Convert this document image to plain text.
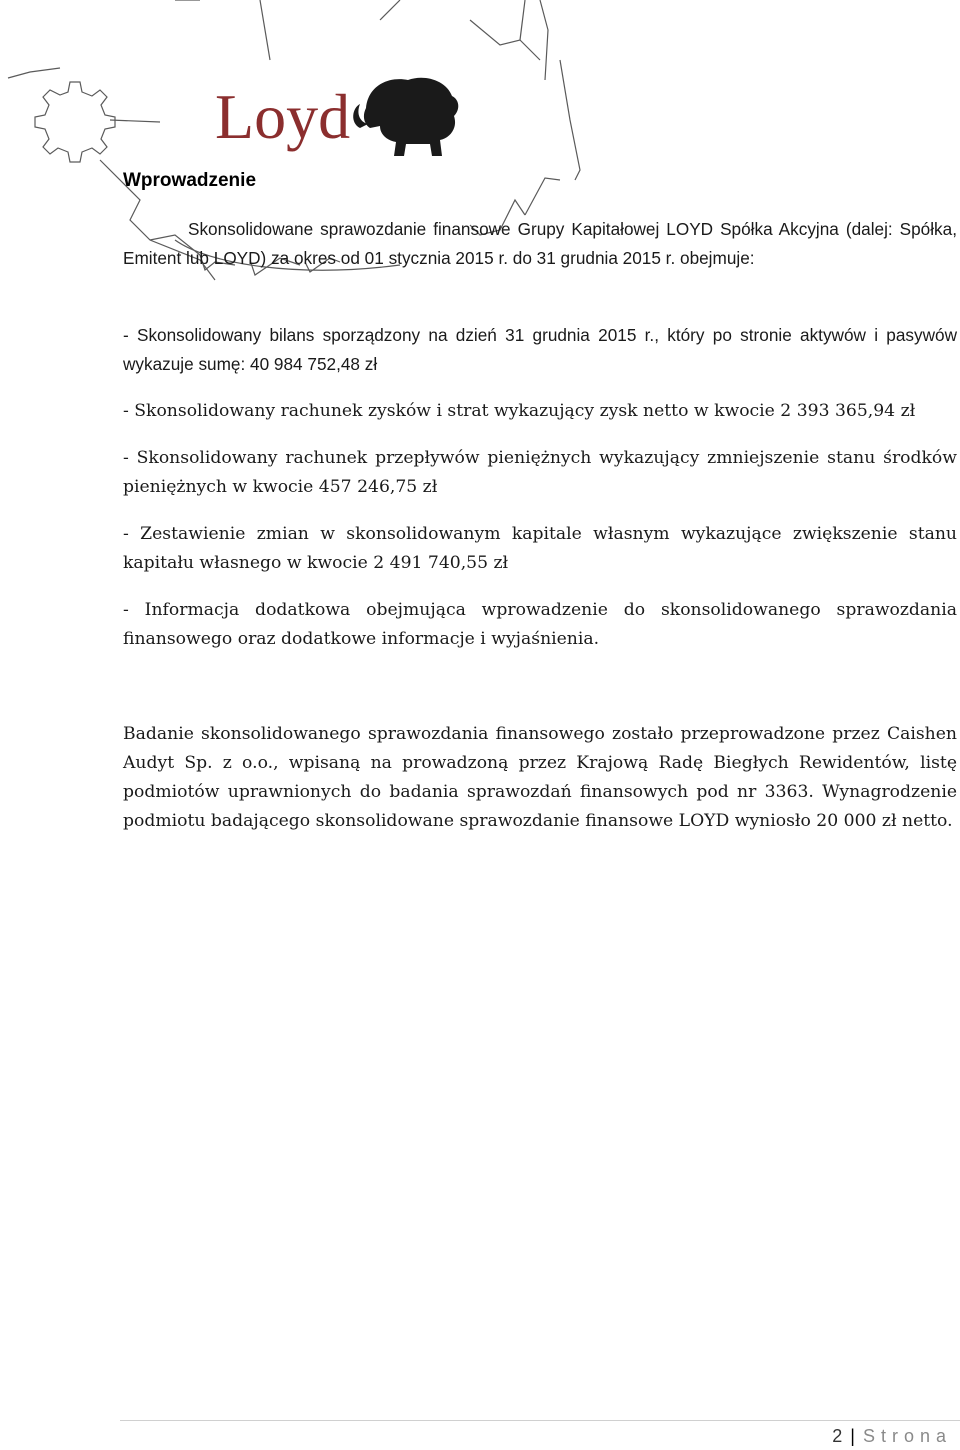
Loyd
Wprowadzenie
Skonsolidowane sprawozdanie finansowe Grupy Kapitałowej LOYD Spółka Akcyjna (dalej: Spółka, Emitent lub LOYD) za okres od 01 stycznia 2015 r. do 31 grudnia 2015 r. obejmuje:
- Skonsolidowany bilans sporządzony na dzień 31 grudnia 2015 r., który po stronie aktywów i pasywów wykazuje sumę: 40 984 752,48 zł
- Skonsolidowany rachunek zysków i strat wykazujący zysk netto w kwocie 2 393 365,94 zł
- Skonsolidowany rachunek przepływów pieniężnych wykazujący zmniejszenie stanu środków pieniężnych w kwocie 457 246,75 zł
- Zestawienie zmian w skonsolidowanym kapitale własnym wykazujące zwiększenie stanu kapitału własnego w kwocie 2 491 740,55 zł
- Informacja dodatkowa obejmująca wprowadzenie do skonsolidowanego sprawozdania finansowego oraz dodatkowe informacje i wyjaśnienia.
Badanie skonsolidowanego sprawozdania finansowego zostało przeprowadzone przez Caishen Audyt Sp. z o.o., wpisaną na prowadzoną przez Krajową Radę Biegłych Rewidentów, listę podmiotów uprawnionych do badania sprawozdań finansowych pod nr 3363. Wynagrodzenie podmiotu badającego skonsolidowane sprawozdanie finansowe LOYD wyniosło 20 000 zł netto.
2 | Strona
